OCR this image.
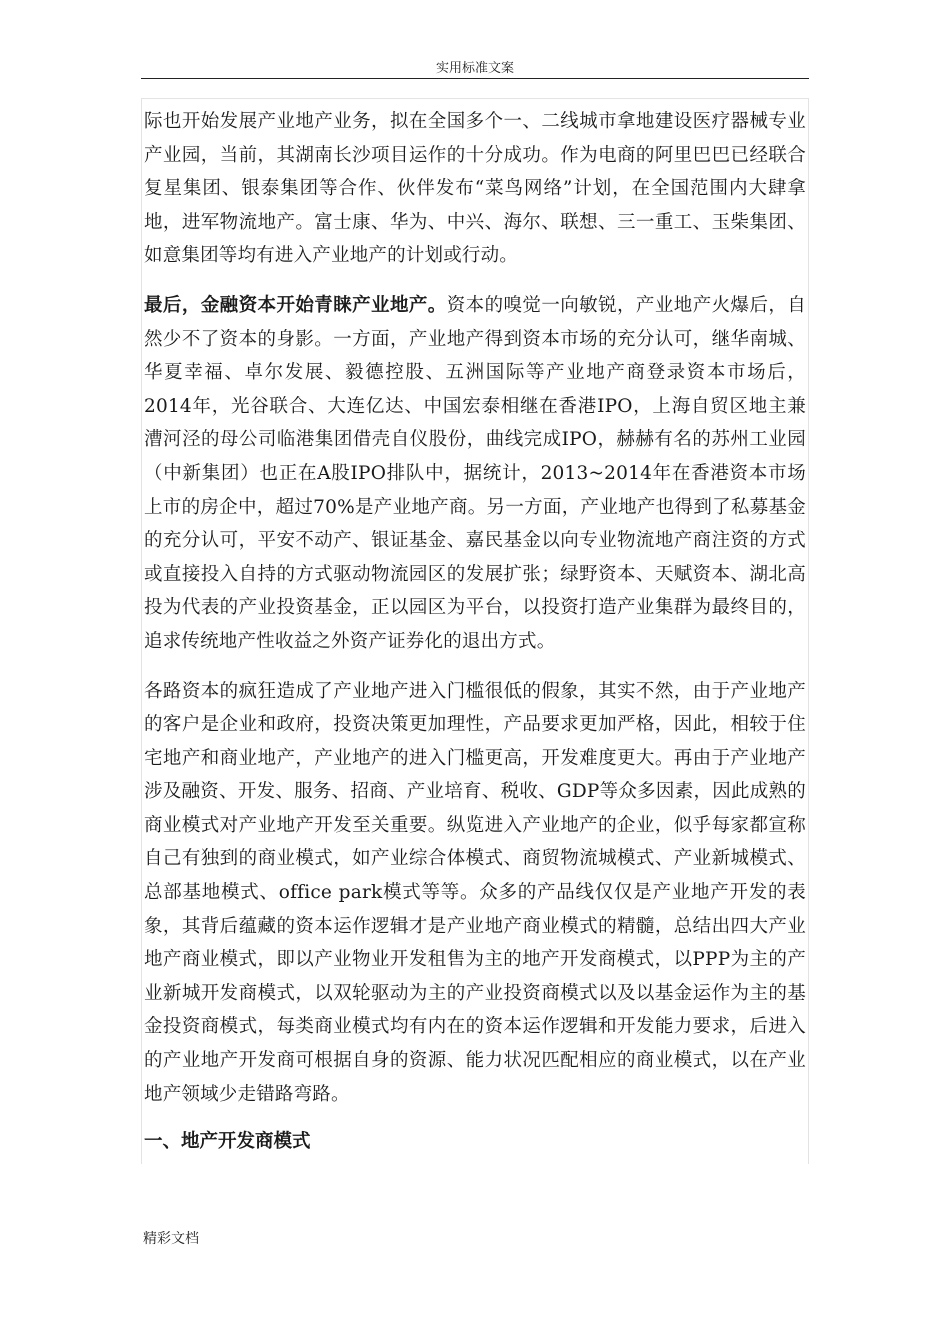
实用标准文案

际也开始发展产业地产业务，拟在全国多个一、二线城市拿地建设医疗器械专业产业园，当前，其湖南长沙项目运作的十分成功。作为电商的阿里巴巴已经联合复星集团、银泰集团等合作、伙伴发布“菜鸟网络”计划，在全国范围内大肆拿地，进军物流地产。富士康、华为、中兴、海尔、联想、三一重工、玉柴集团、如意集团等均有进入产业地产的计划或行动。

最后，金融资本开始青睐产业地产。资本的嗅觉一向敏锐，产业地产火爆后，自然少不了资本的身影。一方面，产业地产得到资本市场的充分认可，继华南城、华夏幸福、卓尔发展、毅德控股、五洲国际等产业地产商登录资本市场后，2014年，光谷联合、大连亿达、中国宏泰相继在香港IPO，上海自贸区地主兼漕河泾的母公司临港集团借壳自仪股份，曲线完成IPO，赫赫有名的苏州工业园（中新集团）也正在A股IPO排队中，据统计，2013~2014年在香港资本市场上市的房企中，超过70%是产业地产商。另一方面，产业地产也得到了私募基金的充分认可，平安不动产、银证基金、嘉民基金以向专业物流地产商注资的方式或直接投入自持的方式驱动物流园区的发展扩张；绿野资本、天赋资本、湖北高投为代表的产业投资基金，正以园区为平台，以投资打造产业集群为最终目的，追求传统地产性收益之外资产证券化的退出方式。

各路资本的疯狂造成了产业地产进入门槛很低的假象，其实不然，由于产业地产的客户是企业和政府，投资决策更加理性，产品要求更加严格，因此，相较于住宅地产和商业地产，产业地产的进入门槛更高，开发难度更大。再由于产业地产涉及融资、开发、服务、招商、产业培育、税收、GDP等众多因素，因此成熟的商业模式对产业地产开发至关重要。纵览进入产业地产的企业，似乎每家都宣称自己有独到的商业模式，如产业综合体模式、商贸物流城模式、产业新城模式、总部基地模式、office park模式等等。众多的产品线仅仅是产业地产开发的表象，其背后蕴藏的资本运作逻辑才是产业地产商业模式的精髓，总结出四大产业地产商业模式，即以产业物业开发租售为主的地产开发商模式，以PPP为主的产业新城开发商模式，以双轮驱动为主的产业投资商模式以及以基金运作为主的基金投资商模式，每类商业模式均有内在的资本运作逻辑和开发能力要求，后进入的产业地产开发商可根据自身的资源、能力状况匹配相应的商业模式，以在产业地产领域少走错路弯路。

一、地产开发商模式

精彩文档
